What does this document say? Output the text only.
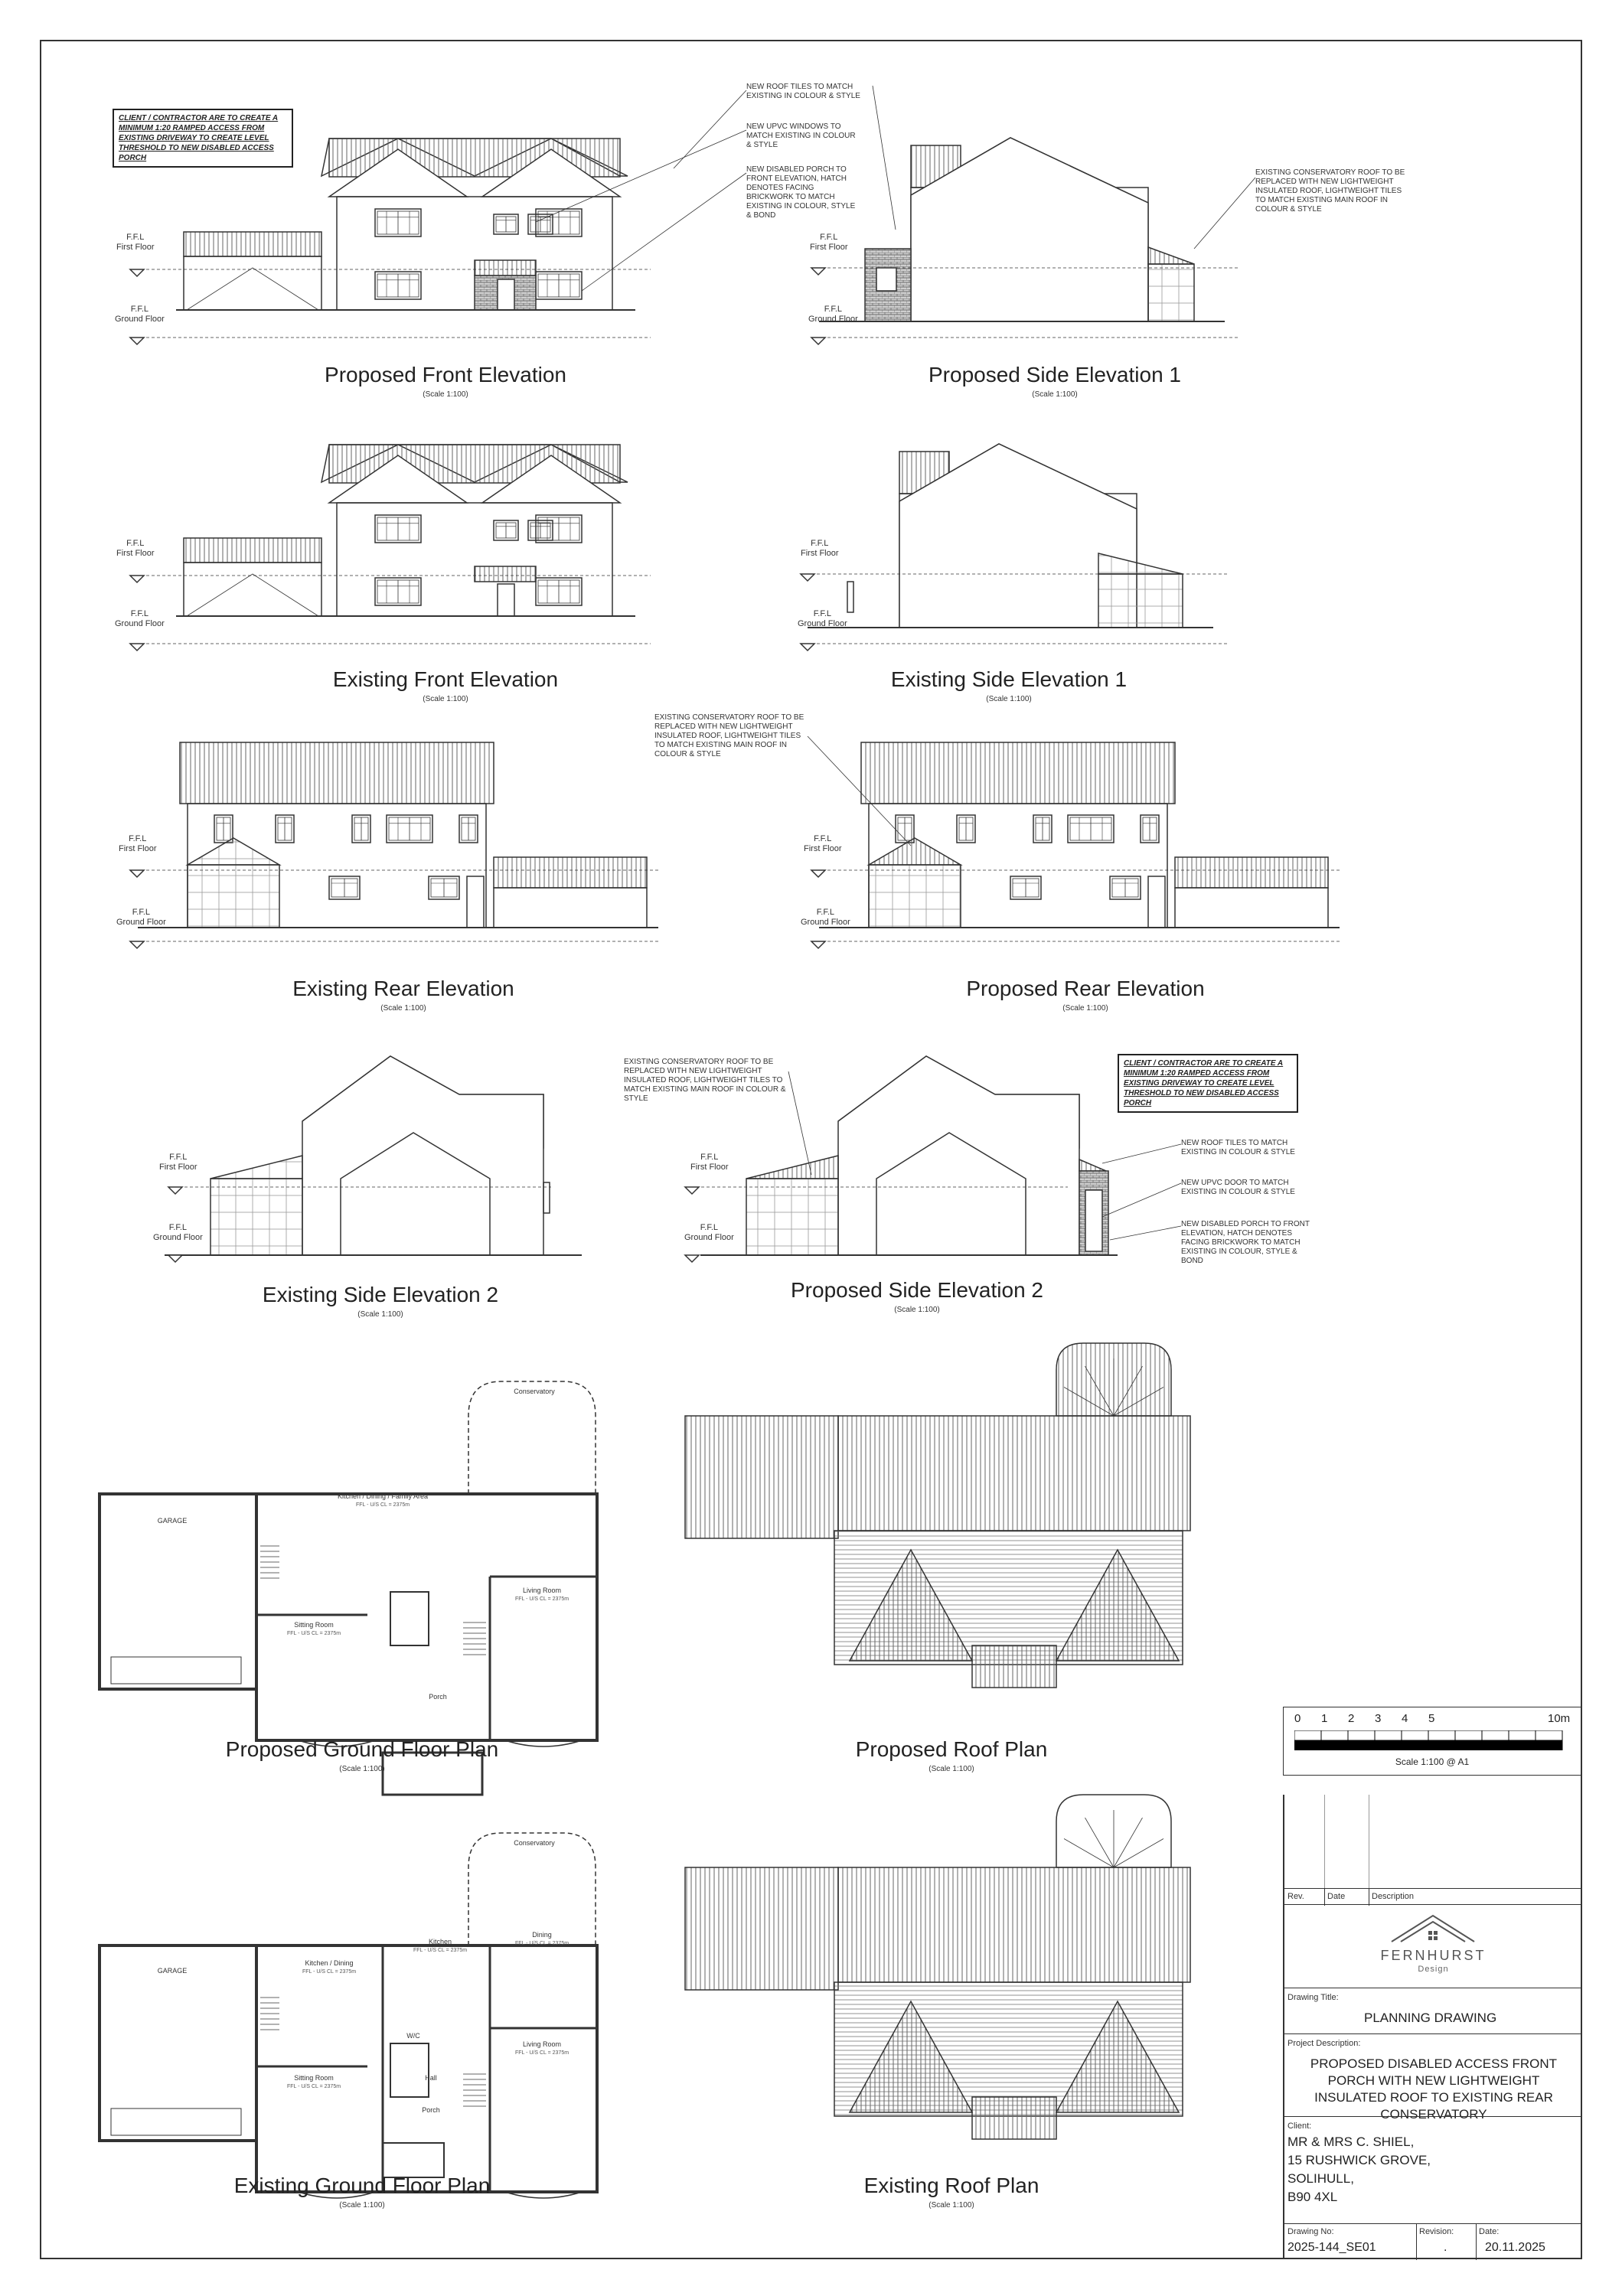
CLIENT / CONTRACTOR ARE TO CREATE A MINIMUM 1:20 RAMPED ACCESS FROM EXISTING DRIVEWAY TO CREATE LEVEL THRESHOLD TO NEW DISABLED ACCESS PORCH
CLIENT / CONTRACTOR ARE TO CREATE A MINIMUM 1:20 RAMPED ACCESS FROM EXISTING DRIVEWAY TO CREATE LEVEL THRESHOLD TO NEW DISABLED ACCESS PORCH
NEW ROOF TILES TO MATCH EXISTING IN COLOUR & STYLE
NEW UPVC WINDOWS TO MATCH EXISTING IN COLOUR & STYLE
NEW DISABLED PORCH TO FRONT ELEVATION, HATCH DENOTES FACING BRICKWORK TO MATCH EXISTING IN COLOUR, STYLE & BOND
EXISTING CONSERVATORY ROOF TO BE REPLACED WITH NEW LIGHTWEIGHT INSULATED ROOF, LIGHTWEIGHT TILES TO MATCH EXISTING MAIN ROOF IN COLOUR & STYLE
EXISTING CONSERVATORY ROOF TO BE REPLACED WITH NEW LIGHTWEIGHT INSULATED ROOF, LIGHTWEIGHT TILES TO MATCH EXISTING MAIN ROOF IN COLOUR & STYLE
EXISTING CONSERVATORY ROOF TO BE REPLACED WITH NEW LIGHTWEIGHT INSULATED ROOF, LIGHTWEIGHT TILES TO MATCH EXISTING MAIN ROOF IN COLOUR & STYLE
NEW ROOF TILES TO MATCH EXISTING IN COLOUR & STYLE
NEW UPVC DOOR TO MATCH EXISTING IN COLOUR & STYLE
NEW DISABLED PORCH TO FRONT ELEVATION, HATCH DENOTES FACING BRICKWORK TO MATCH EXISTING IN COLOUR, STYLE & BOND
F.F.L
First Floor
F.F.L
Ground Floor
F.F.L
First Floor
F.F.L
Ground Floor
F.F.L
First Floor
F.F.L
Ground Floor
F.F.L
First Floor
F.F.L
Ground Floor
F.F.L
First Floor
F.F.L
Ground Floor
F.F.L
First Floor
F.F.L
Ground Floor
F.F.L
First Floor
F.F.L
Ground Floor
F.F.L
First Floor
F.F.L
Ground Floor
Proposed Front Elevation
(Scale 1:100)
Proposed Side Elevation 1
(Scale 1:100)
Existing Front Elevation
(Scale 1:100)
Existing Side Elevation 1
(Scale 1:100)
Existing Rear Elevation
(Scale 1:100)
Proposed Rear Elevation
(Scale 1:100)
Existing Side Elevation 2
(Scale 1:100)
Proposed Side Elevation 2
(Scale 1:100)
Proposed Ground Floor Plan
(Scale 1:100)
Proposed Roof Plan
(Scale 1:100)
Existing Ground Floor Plan
(Scale 1:100)
Existing Roof Plan
(Scale 1:100)
GARAGE
Conservatory
Kitchen / Dining / Family Area
FFL - U/S CL = 2375m
Sitting Room
FFL - U/S CL = 2375m
Living Room
FFL - U/S CL = 2375m
Porch
GARAGE
Conservatory
Kitchen / Dining
FFL - U/S CL = 2375m
Kitchen
FFL - U/S CL = 2375m
Dining
FFL - U/S CL = 2375m
W/C
Sitting Room
FFL - U/S CL = 2375m
Living Room
FFL - U/S CL = 2375m
Hall
Porch
0 1 2 3 4 5	10m
Scale 1:100 @ A1
Rev.	Date	Description
FERNHURST
Design
Drawing Title:
PLANNING DRAWING
Project Description:
PROPOSED DISABLED ACCESS FRONT PORCH WITH NEW LIGHTWEIGHT INSULATED ROOF TO EXISTING REAR CONSERVATORY
Client:
MR & MRS C. SHIEL,
15 RUSHWICK GROVE,
SOLIHULL,
B90 4XL
Drawing No:
2025-144_SE01
Revision:
.
Date:
20.11.2025
